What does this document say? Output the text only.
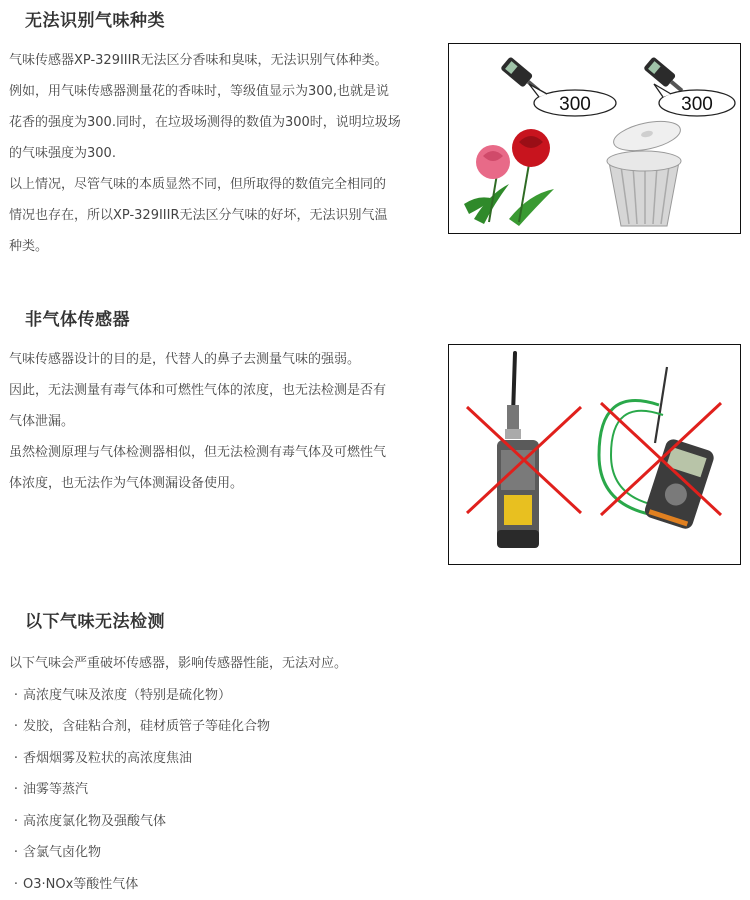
无法识别气味种类

气味传感器XP-329IIIR无法区分香味和臭味，无法识别气体种类。

例如，用气味传感器测量花的香味时，等级值显示为300,也就是说

花香的强度为300.同时，在垃圾场测得的数值为300时，说明垃圾场

的气味强度为300.

以上情况，尽管气味的本质显然不同，但所取得的数值完全相同的

情况也存在，所以XP-329IIIR无法区分气味的好坏，无法识别气温

种类。

300	300
非气体传感器

气味传感器设计的目的是，代替人的鼻子去测量气味的强弱。

因此，无法测量有毒气体和可燃性气体的浓度，也无法检测是否有

气体泄漏。

虽然检测原理与气体检测器相似，但无法检测有毒气体及可燃性气

体浓度，也无法作为气体测漏设备使用。

以下气味无法检测
以下气味会严重破坏传感器，影响传感器性能，无法对应。
· 高浓度气味及浓度（特别是硫化物）
· 发胶，含硅粘合剂，硅材质管子等硅化合物
· 香烟烟雾及粒状的高浓度焦油
· 油雾等蒸汽
· 高浓度氯化物及强酸气体
· 含氯气卤化物
· O3·NOx等酸性气体
